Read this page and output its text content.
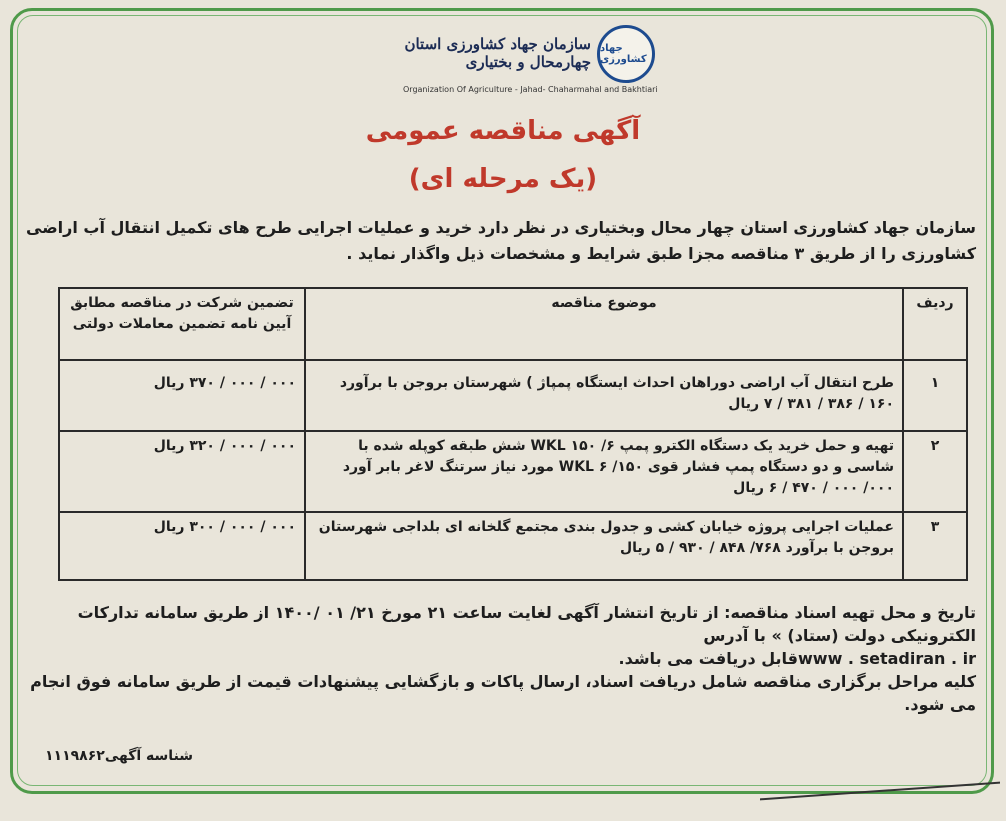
جهاد کشاورزی
سازمان جهاد کشاورزی استان چهارمحال و بختیاری
Organization Of Agriculture - Jahad- Chaharmahal and Bakhtiari
آگهی مناقصه عمومی
(یک مرحله ای)
سازمان جهاد کشاورزی استان چهار محال وبختیاری در نظر دارد خرید و عملیات اجرایی طرح های تکمیل انتقال آب اراضی کشاورزی را از طریق ۳ مناقصه مجزا طبق شرایط و مشخصات ذیل واگذار نماید .
ردیف	موضوع مناقصه	تضمین شرکت در مناقصه مطابق آیین نامه تضمین معاملات دولتی
۱	طرح انتقال آب اراضی دوراهان احداث ایستگاه پمپاژ ) شهرستان بروجن با برآورد ۱۶۰ / ۳۸۶ / ۳۸۱ / ۷ ریال	۰۰۰ / ۰۰۰ / ۳۷۰ ریال
۲	تهیه و حمل خرید یک دستگاه الکترو پمپ ۶/ ۱۵۰ WKL شش طبقه کوپله شده با شاسی و دو دستگاه پمپ فشار قوی ۱۵۰/ ۶ WKL مورد نیاز سرتنگ لاغر بابر آورد ۰۰۰/ ۰۰۰ / ۴۷۰ / ۶ ریال	۰۰۰ / ۰۰۰ / ۳۲۰ ریال
۳	عملیات اجرایی پروژه خیابان کشی و جدول بندی مجتمع گلخانه ای بلداجی شهرستان بروجن با برآورد ۷۶۸/ ۸۴۸ / ۹۳۰ / ۵ ریال	۰۰۰ / ۰۰۰ / ۳۰۰ ریال
تاریخ و محل تهیه اسناد مناقصه: از تاریخ انتشار آگهی لغایت ساعت ۲۱ مورخ ۲۱/ ۰۱ /۱۴۰۰ از طریق سامانه تدارکات الکترونیکی دولت (ستاد) » با آدرس
www . setadiran . irقابل دریافت می باشد.
کلیه مراحل برگزاری مناقصه شامل دریافت اسناد، ارسال پاکات و بازگشایی پیشنهادات قیمت از طریق سامانه فوق انجام می شود.
شناسه آگهی۱۱۱۹۸۶۲
